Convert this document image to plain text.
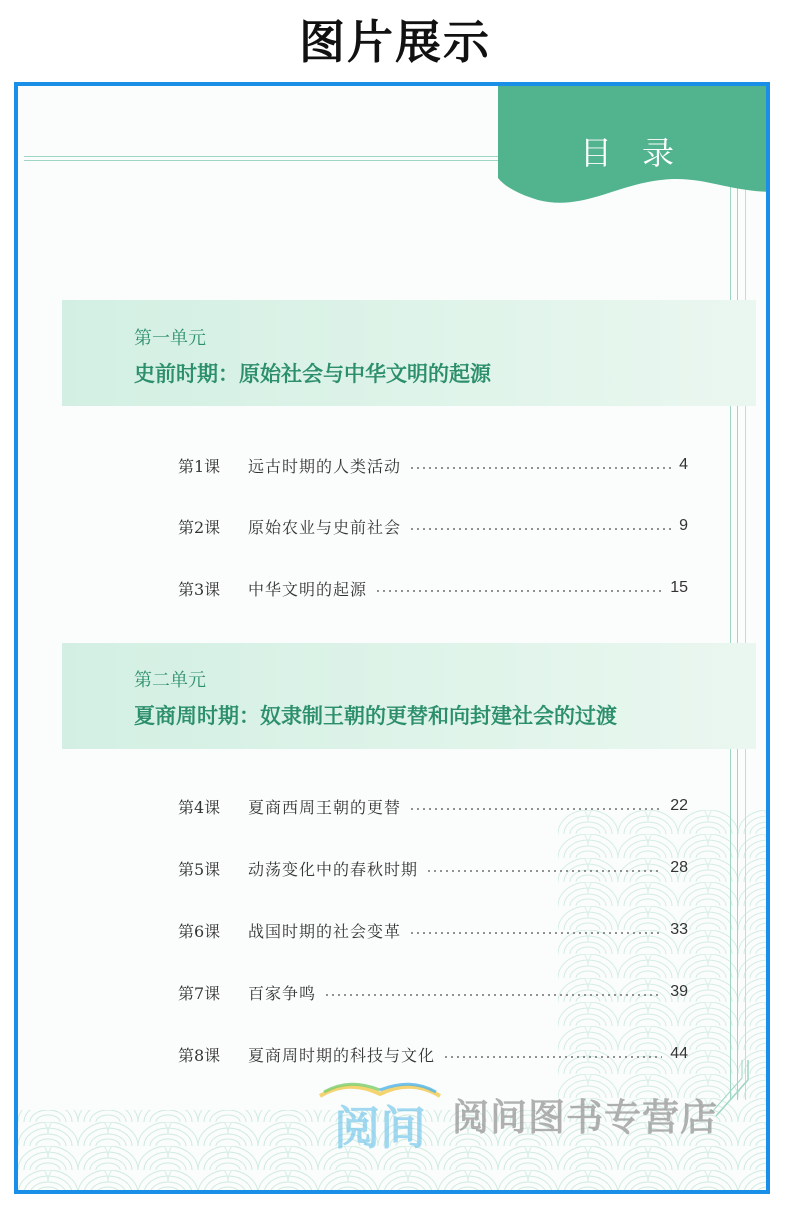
图片展示
目 录
第一单元
史前时期：原始社会与中华文明的起源
第1课	远古时期的人类活动	4
第2课	原始农业与史前社会	9
第3课	中华文明的起源	15
第二单元
夏商周时期：奴隶制王朝的更替和向封建社会的过渡
第4课	夏商西周王朝的更替	22
第5课	动荡变化中的春秋时期	28
第6课	战国时期的社会变革	33
第7课	百家争鸣	39
第8课	夏商周时期的科技与文化	44
阅间 阅间图书专营店
